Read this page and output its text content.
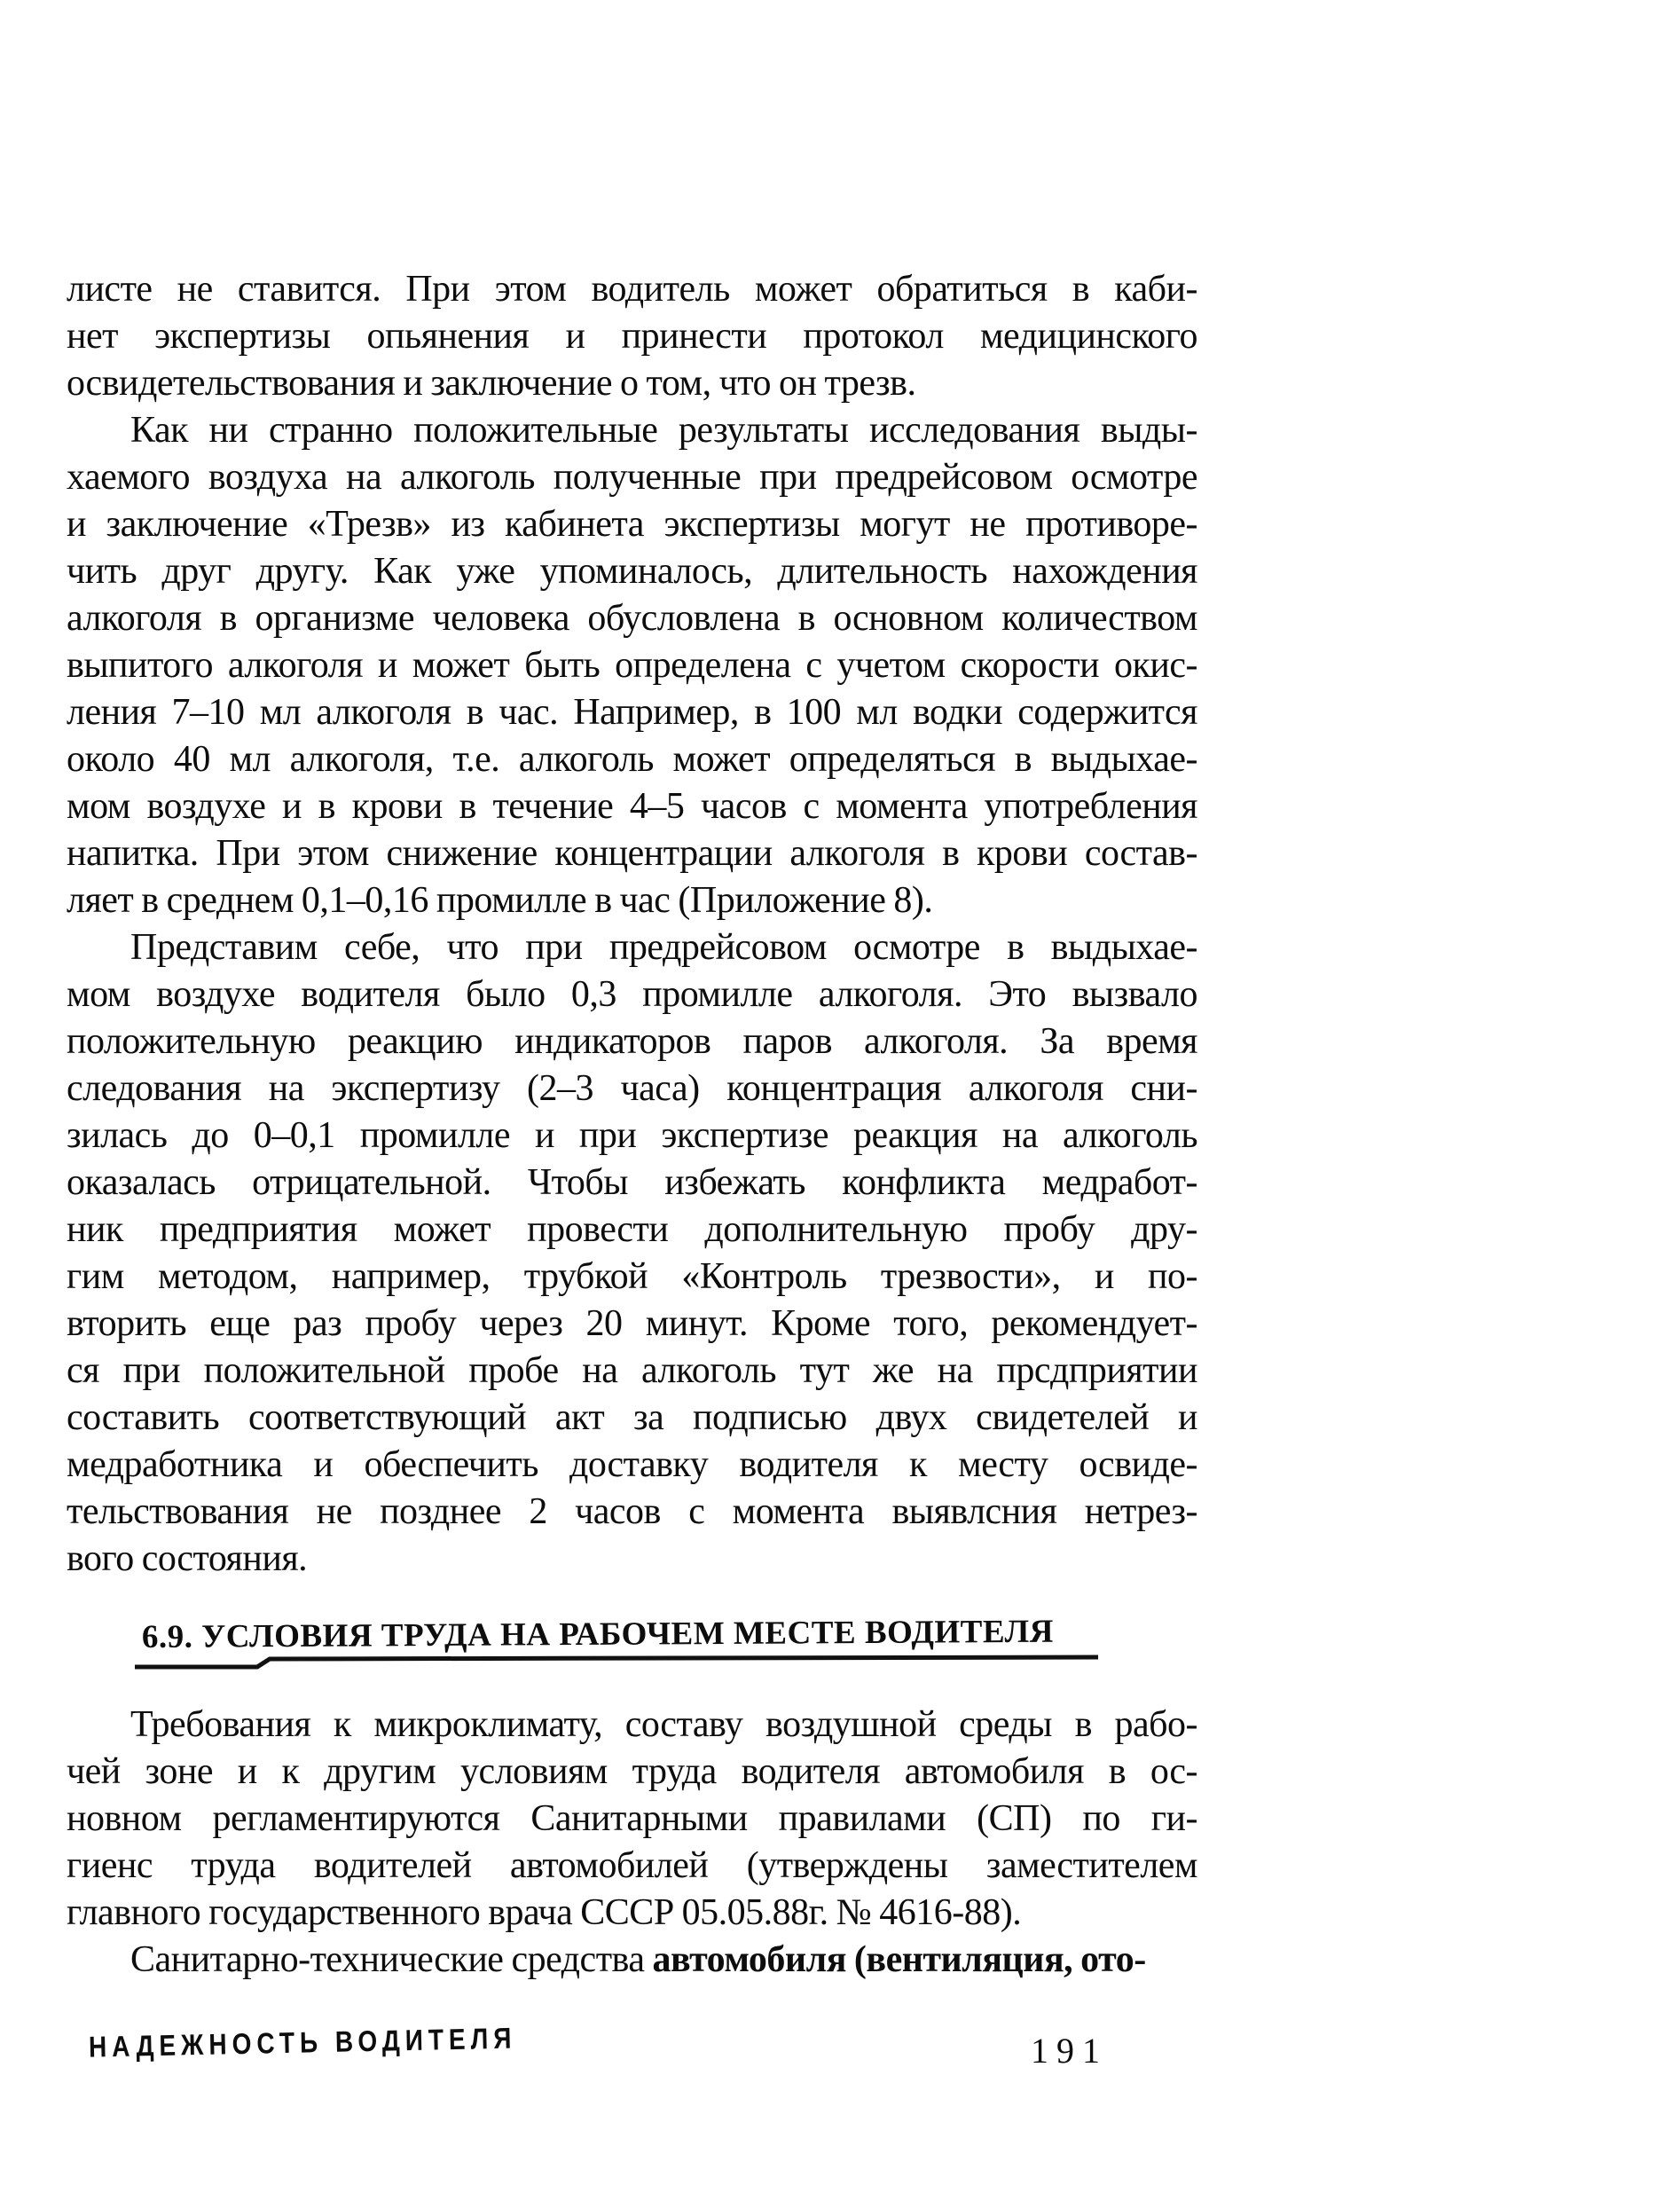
листе не ставится. При этом водитель может обратиться в каби-
нет экспертизы опьянения и принести протокол медицинского
освидетельствования и заключение о том, что он трезв.
Как ни странно положительные результаты исследования выды-
хаемого воздуха на алкоголь полученные при предрейсовом осмотре
и заключение «Трезв» из кабинета экспертизы могут не противоре-
чить друг другу. Как уже упоминалось, длительность нахождения
алкоголя в организме человека обусловлена в основном количеством
выпитого алкоголя и может быть определена с учетом скорости окис-
ления 7–10 мл алкоголя в час. Например, в 100 мл водки содержится
около 40 мл алкоголя, т.е. алкоголь может определяться в выдыхае-
мом воздухе и в крови в течение 4–5 часов с момента употребления
напитка. При этом снижение концентрации алкоголя в крови состав-
ляет в среднем 0,1–0,16 промилле в час (Приложение 8).
Представим себе, что при предрейсовом осмотре в выдыхае-
мом воздухе водителя было 0,3 промилле алкоголя. Это вызвало
положительную реакцию индикаторов паров алкоголя. За время
следования на экспертизу (2–3 часа) концентрация алкоголя сни-
зилась до 0–0,1 промилле и при экспертизе реакция на алкоголь
оказалась отрицательной. Чтобы избежать конфликта медработ-
ник предприятия может провести дополнительную пробу дру-
гим методом, например, трубкой «Контроль трезвости», и по-
вторить еще раз пробу через 20 минут. Кроме того, рекомендует-
ся при положительной пробе на алкоголь тут же на прсдприятии
составить соответствующий акт за подписью двух свидетелей и
медработника и обеспечить доставку водителя к месту освиде-
тельствования не позднее 2 часов с момента выявлсния нетрез-
вого состояния.
6.9. УСЛОВИЯ ТРУДА НА РАБОЧЕМ МЕСТЕ ВОДИТЕЛЯ
Требования к микроклимату, составу воздушной среды в рабо-
чей зоне и к другим условиям труда водителя автомобиля в ос-
новном регламентируются Санитарными правилами (СП) по ги-
гиенс труда водителей автомобилей (утверждены заместителем
главного государственного врача СССР 05.05.88г. № 4616-88).
Санитарно-технические средства автомобиля (вентиляция, ото-
НАДЕЖНОСТЬ ВОДИТЕЛЯ	191
